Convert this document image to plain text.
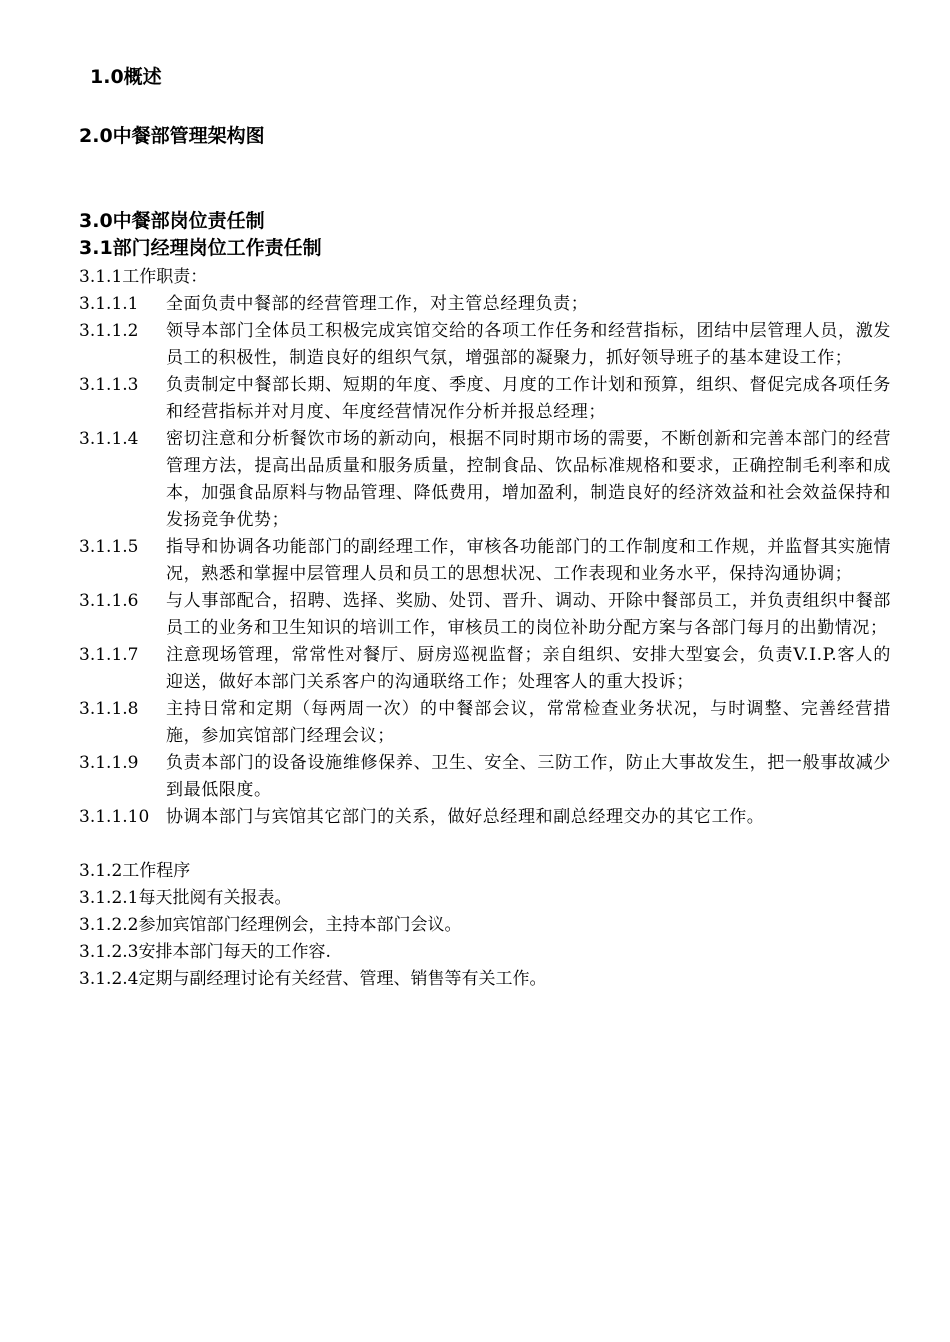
1.0概述
2.0中餐部管理架构图
3.0中餐部岗位责任制
3.1部门经理岗位工作责任制

3.1.1工作职责：

3.1.1.1	全面负责中餐部的经营管理工作，对主管总经理负责；

3.1.1.2	领导本部门全体员工积极完成宾馆交给的各项工作任务和经营指标，团结中层管理人员，激发员工的积极性，制造良好的组织气氛，增强部的凝聚力，抓好领导班子的基本建设工作；

3.1.1.3	负责制定中餐部长期、短期的年度、季度、月度的工作计划和预算，组织、督促完成各项任务和经营指标并对月度、年度经营情况作分析并报总经理；

3.1.1.4	密切注意和分析餐饮市场的新动向，根据不同时期市场的需要，不断创新和完善本部门的经营管理方法，提高出品质量和服务质量，控制食品、饮品标准规格和要求，正确控制毛利率和成本，加强食品原料与物品管理、降低费用，增加盈利，制造良好的经济效益和社会效益保持和发扬竞争优势；

3.1.1.5	指导和协调各功能部门的副经理工作，审核各功能部门的工作制度和工作规，并监督其实施情况，熟悉和掌握中层管理人员和员工的思想状况、工作表现和业务水平，保持沟通协调；

3.1.1.6	与人事部配合，招聘、选择、奖励、处罚、晋升、调动、开除中餐部员工，并负责组织中餐部员工的业务和卫生知识的培训工作，审核员工的岗位补助分配方案与各部门每月的出勤情况；

3.1.1.7	注意现场管理，常常性对餐厅、厨房巡视监督；亲自组织、安排大型宴会，负责V.I.P.客人的迎送，做好本部门关系客户的沟通联络工作；处理客人的重大投诉；

3.1.1.8	主持日常和定期（每两周一次）的中餐部会议，常常检查业务状况，与时调整、完善经营措施，参加宾馆部门经理会议；

3.1.1.9	负责本部门的设备设施维修保养、卫生、安全、三防工作，防止大事故发生，把一般事故减少到最低限度。

3.1.1.10 协调本部门与宾馆其它部门的关系，做好总经理和副总经理交办的其它工作。

3.1.2工作程序

3.1.2.1每天批阅有关报表。

3.1.2.2参加宾馆部门经理例会，主持本部门会议。

3.1.2.3安排本部门每天的工作容.

3.1.2.4定期与副经理讨论有关经营、管理、销售等有关工作。
